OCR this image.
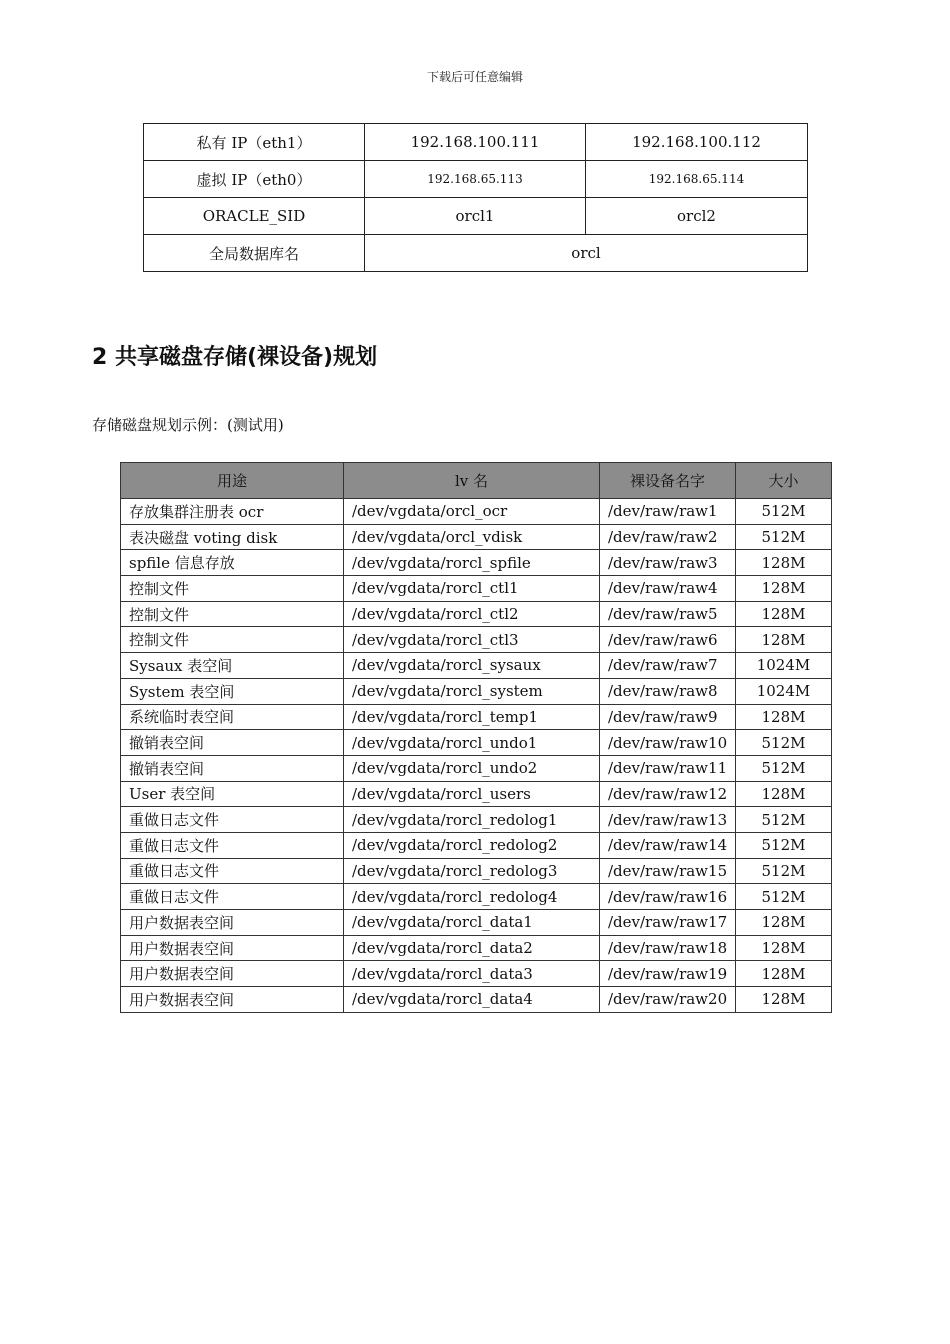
下载后可任意编辑
私有 IP（eth1）	192.168.100.111	192.168.100.112
虚拟 IP（eth0）	192.168.65.113	192.168.65.114
ORACLE_SID	orcl1	orcl2
全局数据库名	orcl	
2 共享磁盘存储(裸设备)规划
存储磁盘规划示例：(测试用)
用途	lv 名	裸设备名字	大小
存放集群注册表 ocr	/dev/vgdata/orcl_ocr	/dev/raw/raw1	512M
表决磁盘 voting disk	/dev/vgdata/orcl_vdisk	/dev/raw/raw2	512M
spfile 信息存放	/dev/vgdata/rorcl_spfile	/dev/raw/raw3	128M
控制文件	/dev/vgdata/rorcl_ctl1	/dev/raw/raw4	128M
控制文件	/dev/vgdata/rorcl_ctl2	/dev/raw/raw5	128M
控制文件	/dev/vgdata/rorcl_ctl3	/dev/raw/raw6	128M
Sysaux 表空间	/dev/vgdata/rorcl_sysaux	/dev/raw/raw7	1024M
System 表空间	/dev/vgdata/rorcl_system	/dev/raw/raw8	1024M
系统临时表空间	/dev/vgdata/rorcl_temp1	/dev/raw/raw9	128M
撤销表空间	/dev/vgdata/rorcl_undo1	/dev/raw/raw10	512M
撤销表空间	/dev/vgdata/rorcl_undo2	/dev/raw/raw11	512M
User 表空间	/dev/vgdata/rorcl_users	/dev/raw/raw12	128M
重做日志文件	/dev/vgdata/rorcl_redolog1	/dev/raw/raw13	512M
重做日志文件	/dev/vgdata/rorcl_redolog2	/dev/raw/raw14	512M
重做日志文件	/dev/vgdata/rorcl_redolog3	/dev/raw/raw15	512M
重做日志文件	/dev/vgdata/rorcl_redolog4	/dev/raw/raw16	512M
用户数据表空间	/dev/vgdata/rorcl_data1	/dev/raw/raw17	128M
用户数据表空间	/dev/vgdata/rorcl_data2	/dev/raw/raw18	128M
用户数据表空间	/dev/vgdata/rorcl_data3	/dev/raw/raw19	128M
用户数据表空间	/dev/vgdata/rorcl_data4	/dev/raw/raw20	128M
